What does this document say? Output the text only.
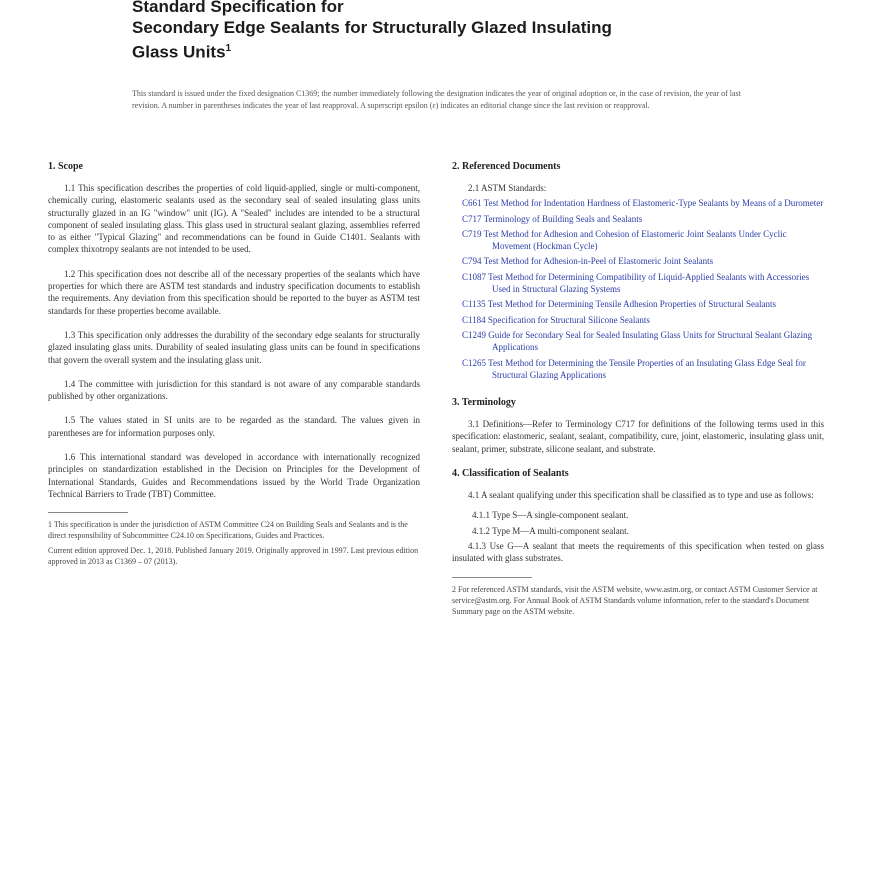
Standard Specification for
Secondary Edge Sealants for Structurally Glazed Insulating
Glass Units$^1$
This standard is issued under the fixed designation C1369; the number immediately following the designation indicates the year of original adoption or, in the case of revision, the year of last revision. A number in parentheses indicates the year of last reapproval. A superscript epsilon (ε) indicates an editorial change since the last revision or reapproval.
1. Scope

1.1 This specification describes the properties of cold liquid-applied, single or multi-component, chemically curing, elastomeric sealants used as the secondary seal of sealed insulating glass units structurally glazed in an IG "window" unit (IG). A "Sealed" includes are intended to be a structural component of sealed insulating glass. This glass used in structural sealant glazing, assemblies referred to as either "Typical Glazing" and recommendations can be found in Guide C1401. Sealants with complex thixotropy sealants are not intended to be used.

1.2 This specification does not describe all of the necessary properties of the sealants which have properties for which there are ASTM test standards and industry specification documents to establish the requirements. Any deviation from this specification should be reported to the buyer as ASTM test standards for these properties become available.

1.3 This specification only addresses the durability of the secondary edge sealants for structurally glazed insulating glass units. Durability of sealed insulating glass units can be found in specifications that govern the overall system and the insulating glass unit.

1.4 The committee with jurisdiction for this standard is not aware of any comparable standards published by other organizations.

1.5 The values stated in SI units are to be regarded as the standard. The values given in parentheses are for information purposes only.

1.6 This international standard was developed in accordance with internationally recognized principles on standardization established in the Decision on Principles for the Development of International Standards, Guides and Recommendations issued by the World Trade Organization Technical Barriers to Trade (TBT) Committee.

1 This specification is under the jurisdiction of ASTM Committee C24 on Building Seals and Sealants and is the direct responsibility of Subcommittee C24.10 on Specifications, Guides and Practices.

Current edition approved Dec. 1, 2018. Published January 2019. Originally approved in 1997. Last previous edition approved in 2013 as C1369 – 07 (2013).

2. Referenced Documents
2.1 ASTM Standards:
C661 Test Method for Indentation Hardness of Elastomeric-Type Sealants by Means of a Durometer
C717 Terminology of Building Seals and Sealants
C719 Test Method for Adhesion and Cohesion of Elastomeric Joint Sealants Under Cyclic Movement (Hockman Cycle)
C794 Test Method for Adhesion-in-Peel of Elastomeric Joint Sealants
C1087 Test Method for Determining Compatibility of Liquid-Applied Sealants with Accessories Used in Structural Glazing Systems
C1135 Test Method for Determining Tensile Adhesion Properties of Structural Sealants
C1184 Specification for Structural Silicone Sealants
C1249 Guide for Secondary Seal for Sealed Insulating Glass Units for Structural Sealant Glazing Applications
C1265 Test Method for Determining the Tensile Properties of an Insulating Glass Edge Seal for Structural Glazing Applications
3. Terminology

3.1 Definitions—Refer to Terminology C717 for definitions of the following terms used in this specification: elastomeric, sealant, sealant, compatibility, cure, joint, elastomeric, insulating glass unit, sealant, primer, substrate, silicone sealant, and substrate.

4. Classification of Sealants

4.1 A sealant qualifying under this specification shall be classified as to type and use as follows:

4.1.1 Type S—A single-component sealant.
4.1.2 Type M—A multi-component sealant.

4.1.3 Use G—A sealant that meets the requirements of this specification when tested on glass insulated with glass substrates.

2 For referenced ASTM standards, visit the ASTM website, www.astm.org, or contact ASTM Customer Service at service@astm.org. For Annual Book of ASTM Standards volume information, refer to the standard's Document Summary page on the ASTM website.
